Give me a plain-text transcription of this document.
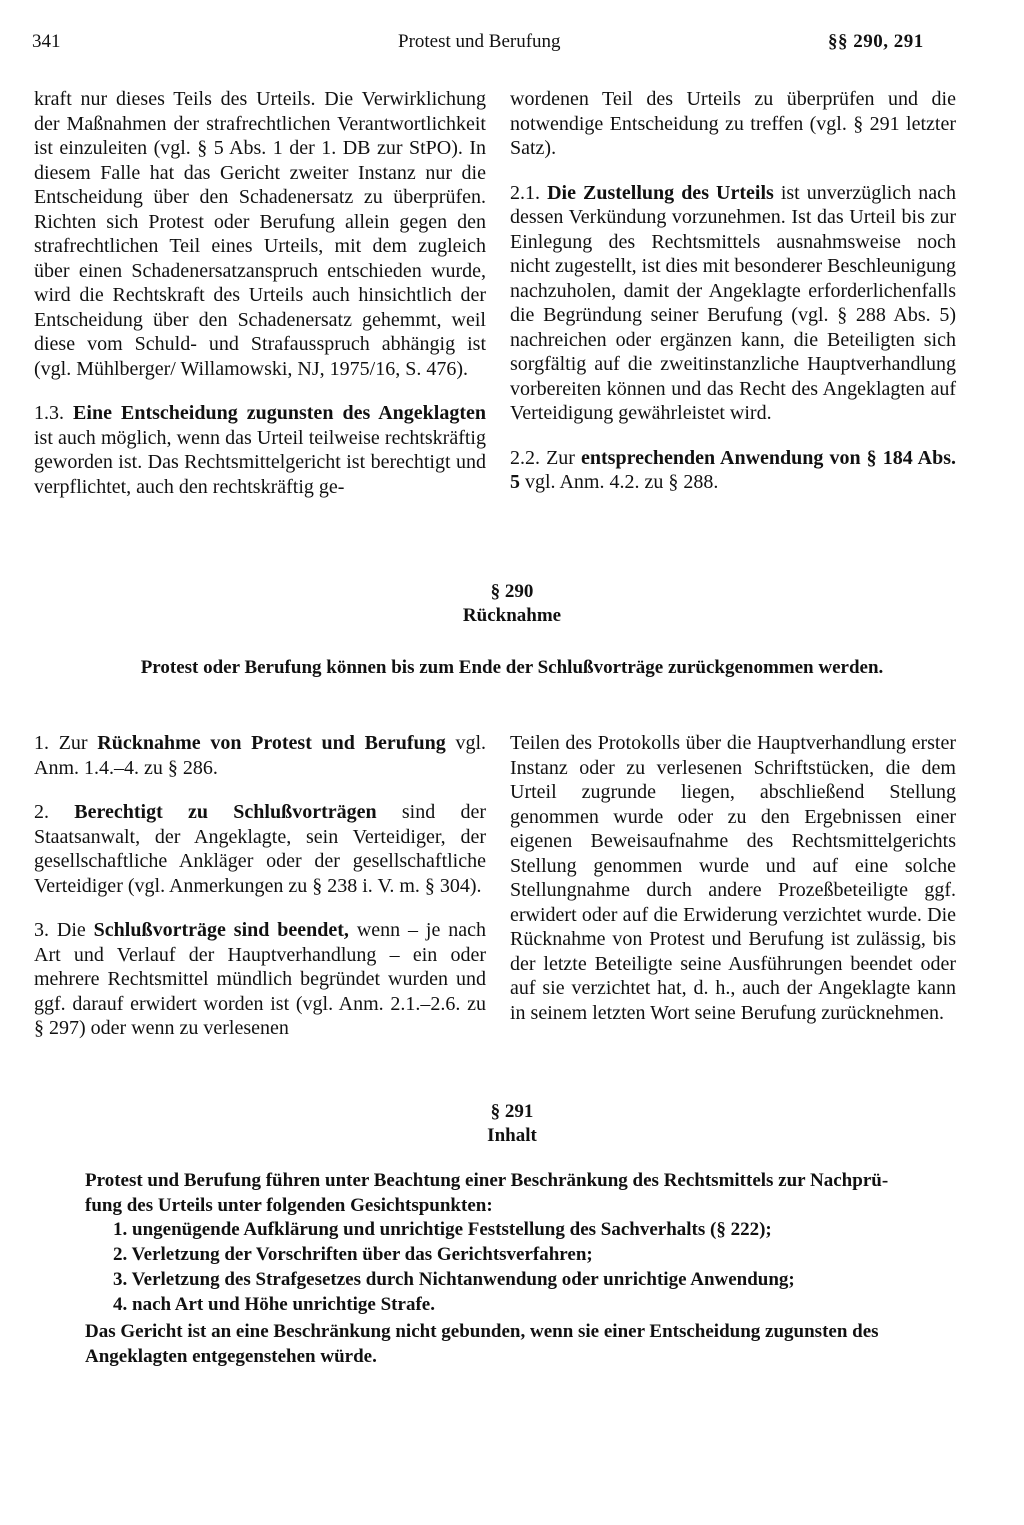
341	Protest und Berufung	§§ 290, 291

kraft nur dieses Teils des Urteils. Die Verwirklichung der Maßnahmen der strafrechtlichen Verantwortlichkeit ist einzuleiten (vgl. § 5 Abs. 1 der 1. DB zur StPO). In diesem Falle hat das Gericht zweiter Instanz nur die Entscheidung über den Schadenersatz zu überprüfen. Richten sich Protest oder Berufung allein gegen den strafrechtlichen Teil eines Urteils, mit dem zugleich über einen Schadenersatzanspruch entschieden wurde, wird die Rechtskraft des Urteils auch hinsichtlich der Entscheidung über den Schadenersatz gehemmt, weil diese vom Schuld- und Strafausspruch abhängig ist (vgl. Mühlberger/ Willamowski, NJ, 1975/16, S. 476).

1.3. Eine Entscheidung zugunsten des Angeklagten ist auch möglich, wenn das Urteil teilweise rechtskräftig geworden ist. Das Rechtsmittelgericht ist berechtigt und verpflichtet, auch den rechtskräftig ge-

wordenen Teil des Urteils zu überprüfen und die notwendige Entscheidung zu treffen (vgl. § 291 letzter Satz).

2.1. Die Zustellung des Urteils ist unverzüglich nach dessen Verkündung vorzunehmen. Ist das Urteil bis zur Einlegung des Rechtsmittels ausnahmsweise noch nicht zugestellt, ist dies mit besonderer Beschleunigung nachzuholen, damit der Angeklagte erforderlichenfalls die Begründung seiner Berufung (vgl. § 288 Abs. 5) nachreichen oder ergänzen kann, die Beteiligten sich sorgfältig auf die zweitinstanzliche Hauptverhandlung vorbereiten können und das Recht des Angeklagten auf Verteidigung gewährleistet wird.

2.2. Zur entsprechenden Anwendung von § 184 Abs. 5 vgl. Anm. 4.2. zu § 288.

§ 290
Rücknahme
Protest oder Berufung können bis zum Ende der Schlußvorträge zurückgenommen werden.

1. Zur Rücknahme von Protest und Berufung vgl. Anm. 1.4.–4. zu § 286.

2. Berechtigt zu Schlußvorträgen sind der Staatsanwalt, der Angeklagte, sein Verteidiger, der gesellschaftliche Ankläger oder der gesellschaftliche Verteidiger (vgl. Anmerkungen zu § 238 i. V. m. § 304).

3. Die Schlußvorträge sind beendet, wenn – je nach Art und Verlauf der Hauptverhandlung – ein oder mehrere Rechtsmittel mündlich begründet wurden und ggf. darauf erwidert worden ist (vgl. Anm. 2.1.–2.6. zu § 297) oder wenn zu verlesenen

Teilen des Protokolls über die Hauptverhandlung erster Instanz oder zu verlesenen Schriftstücken, die dem Urteil zugrunde liegen, abschließend Stellung genommen wurde oder zu den Ergebnissen einer eigenen Beweisaufnahme des Rechtsmittelgerichts Stellung genommen wurde und auf eine solche Stellungnahme durch andere Prozeßbeteiligte ggf. erwidert oder auf die Erwiderung verzichtet wurde. Die Rücknahme von Protest und Berufung ist zulässig, bis der letzte Beteiligte seine Ausführungen beendet oder auf sie verzichtet hat, d. h., auch der Angeklagte kann in seinem letzten Wort seine Berufung zurücknehmen.

§ 291
Inhalt
Protest und Berufung führen unter Beachtung einer Beschränkung des Rechtsmittels zur Nachprü-
fung des Urteils unter folgenden Gesichtspunkten:
1. ungenügende Aufklärung und unrichtige Feststellung des Sachverhalts (§ 222);
2. Verletzung der Vorschriften über das Gerichtsverfahren;
3. Verletzung des Strafgesetzes durch Nichtanwendung oder unrichtige Anwendung;
4. nach Art und Höhe unrichtige Strafe.
Das Gericht ist an eine Beschränkung nicht gebunden, wenn sie einer Entscheidung zugunsten des
Angeklagten entgegenstehen würde.
